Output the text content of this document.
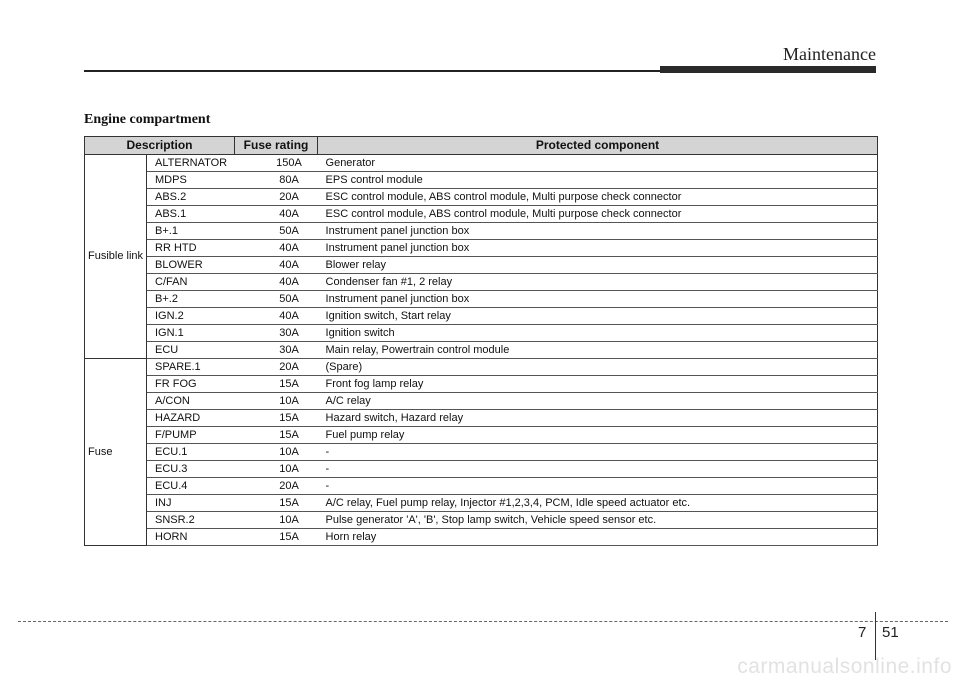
Maintenance
Engine compartment
Description		Fuse rating	Protected component
Fusible link	ALTERNATOR	150A	Generator
	MDPS	80A	EPS control module
	ABS.2	20A	ESC control module, ABS control module, Multi purpose check connector
	ABS.1	40A	ESC control module, ABS control module, Multi purpose check connector
	B+.1	50A	Instrument panel junction box
	RR HTD	40A	Instrument panel junction box
	BLOWER	40A	Blower relay
	C/FAN	40A	Condenser fan #1, 2 relay
	B+.2	50A	Instrument panel junction box
	IGN.2	40A	Ignition switch, Start relay
	IGN.1	30A	Ignition switch
	ECU	30A	Main relay, Powertrain control module
Fuse	SPARE.1	20A	(Spare)
	FR FOG	15A	Front fog lamp relay
	A/CON	10A	A/C relay
	HAZARD	15A	Hazard switch, Hazard relay
	F/PUMP	15A	Fuel pump relay
	ECU.1	10A	-
	ECU.3	10A	-
	ECU.4	20A	-
	INJ	15A	A/C relay, Fuel pump relay, Injector #1,2,3,4, PCM, Idle speed actuator etc.
	SNSR.2	10A	Pulse generator 'A', 'B', Stop lamp switch, Vehicle speed sensor etc.
	HORN	15A	Horn relay
7 51
carmanualsonline.info
